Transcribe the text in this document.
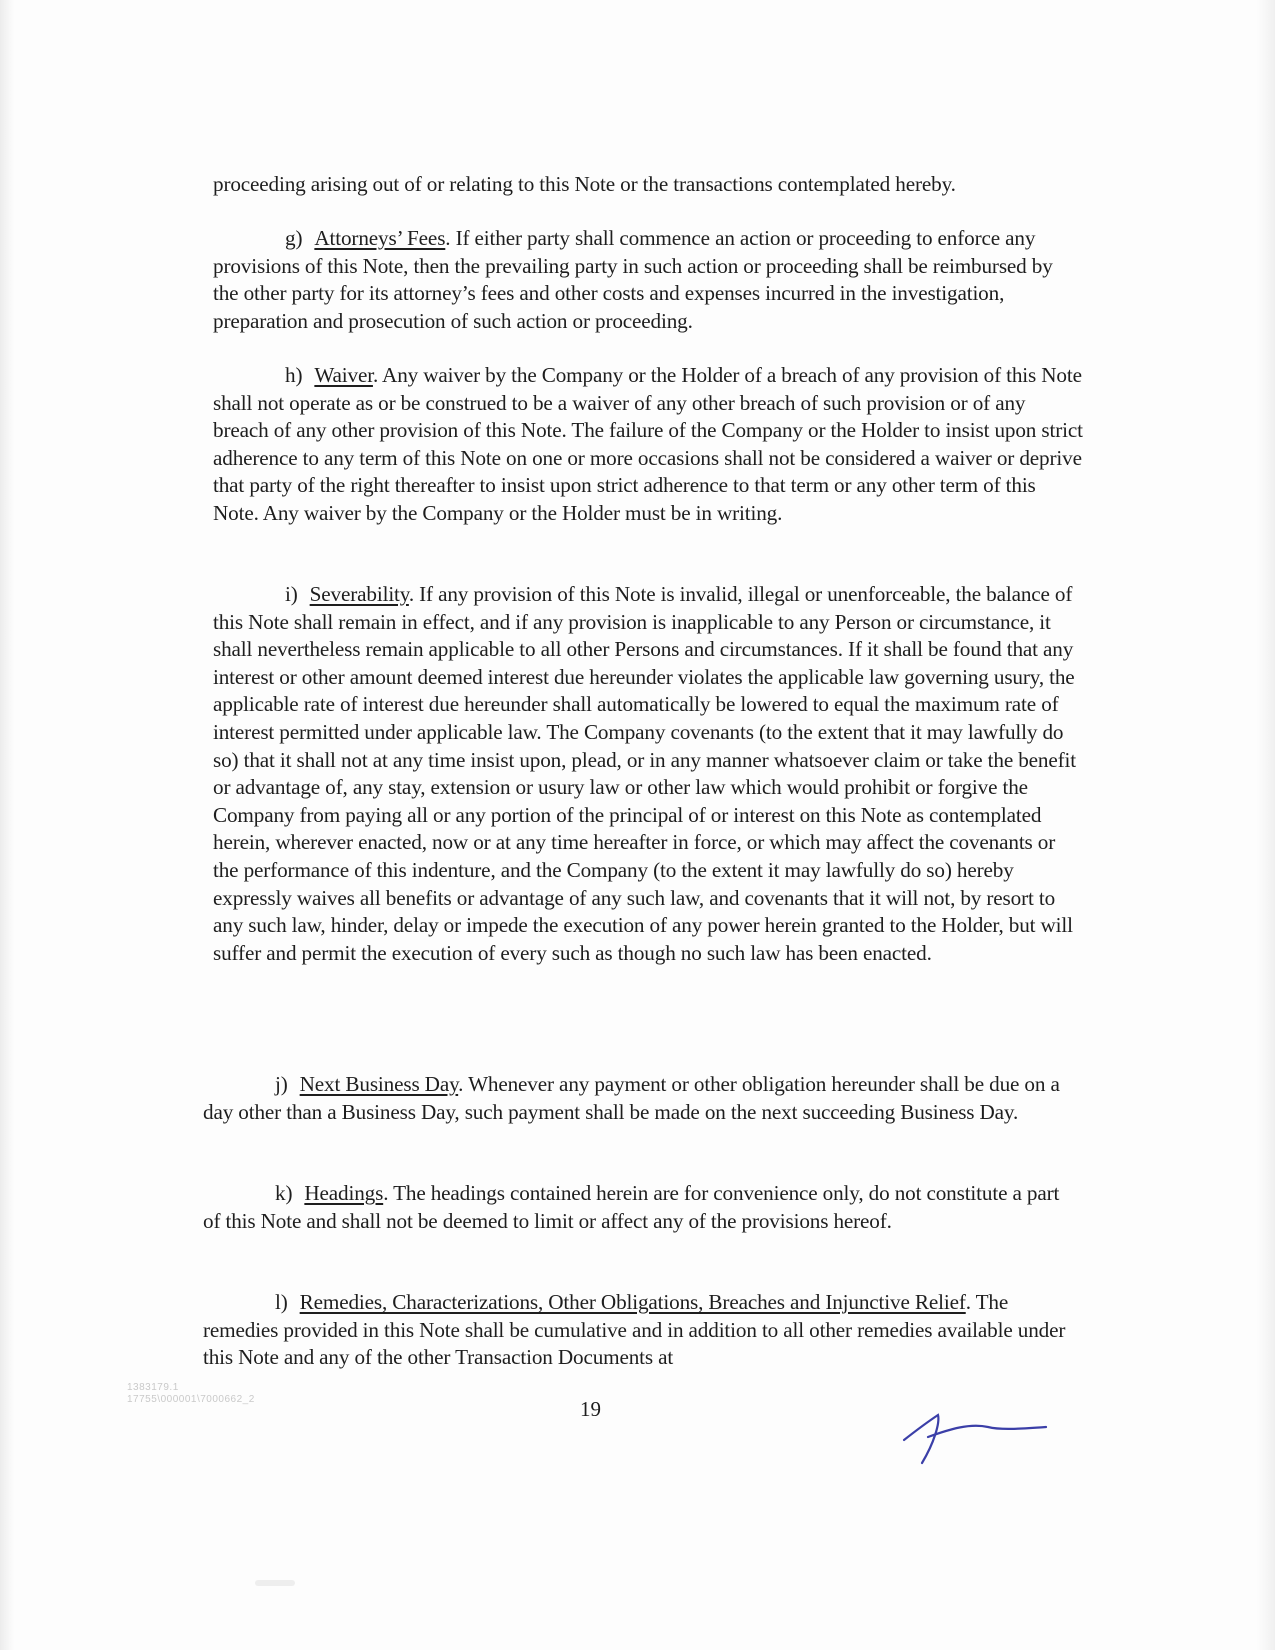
proceeding arising out of or relating to this Note or the transactions contemplated hereby.

g) Attorneys’ Fees. If either party shall commence an action or proceeding to enforce any provisions of this Note, then the prevailing party in such action or proceeding shall be reimbursed by the other party for its attorney’s fees and other costs and expenses incurred in the investigation, preparation and prosecution of such action or proceeding.

h) Waiver. Any waiver by the Company or the Holder of a breach of any provision of this Note shall not operate as or be construed to be a waiver of any other breach of such provision or of any breach of any other provision of this Note. The failure of the Company or the Holder to insist upon strict adherence to any term of this Note on one or more occasions shall not be considered a waiver or deprive that party of the right thereafter to insist upon strict adherence to that term or any other term of this Note. Any waiver by the Company or the Holder must be in writing.

i) Severability. If any provision of this Note is invalid, illegal or unenforceable, the balance of this Note shall remain in effect, and if any provision is inapplicable to any Person or circumstance, it shall nevertheless remain applicable to all other Persons and circumstances. If it shall be found that any interest or other amount deemed interest due hereunder violates the applicable law governing usury, the applicable rate of interest due hereunder shall automatically be lowered to equal the maximum rate of interest permitted under applicable law. The Company covenants (to the extent that it may lawfully do so) that it shall not at any time insist upon, plead, or in any manner whatsoever claim or take the benefit or advantage of, any stay, extension or usury law or other law which would prohibit or forgive the Company from paying all or any portion of the principal of or interest on this Note as contemplated herein, wherever enacted, now or at any time hereafter in force, or which may affect the covenants or the performance of this indenture, and the Company (to the extent it may lawfully do so) hereby expressly waives all benefits or advantage of any such law, and covenants that it will not, by resort to any such law, hinder, delay or impede the execution of any power herein granted to the Holder, but will suffer and permit the execution of every such as though no such law has been enacted.

j) Next Business Day. Whenever any payment or other obligation hereunder shall be due on a day other than a Business Day, such payment shall be made on the next succeeding Business Day.

k) Headings. The headings contained herein are for convenience only, do not constitute a part of this Note and shall not be deemed to limit or affect any of the provisions hereof.

l) Remedies, Characterizations, Other Obligations, Breaches and Injunctive Relief. The remedies provided in this Note shall be cumulative and in addition to all other remedies available under this Note and any of the other Transaction Documents at

1383179.1
17755\000001\7000662_2	19
